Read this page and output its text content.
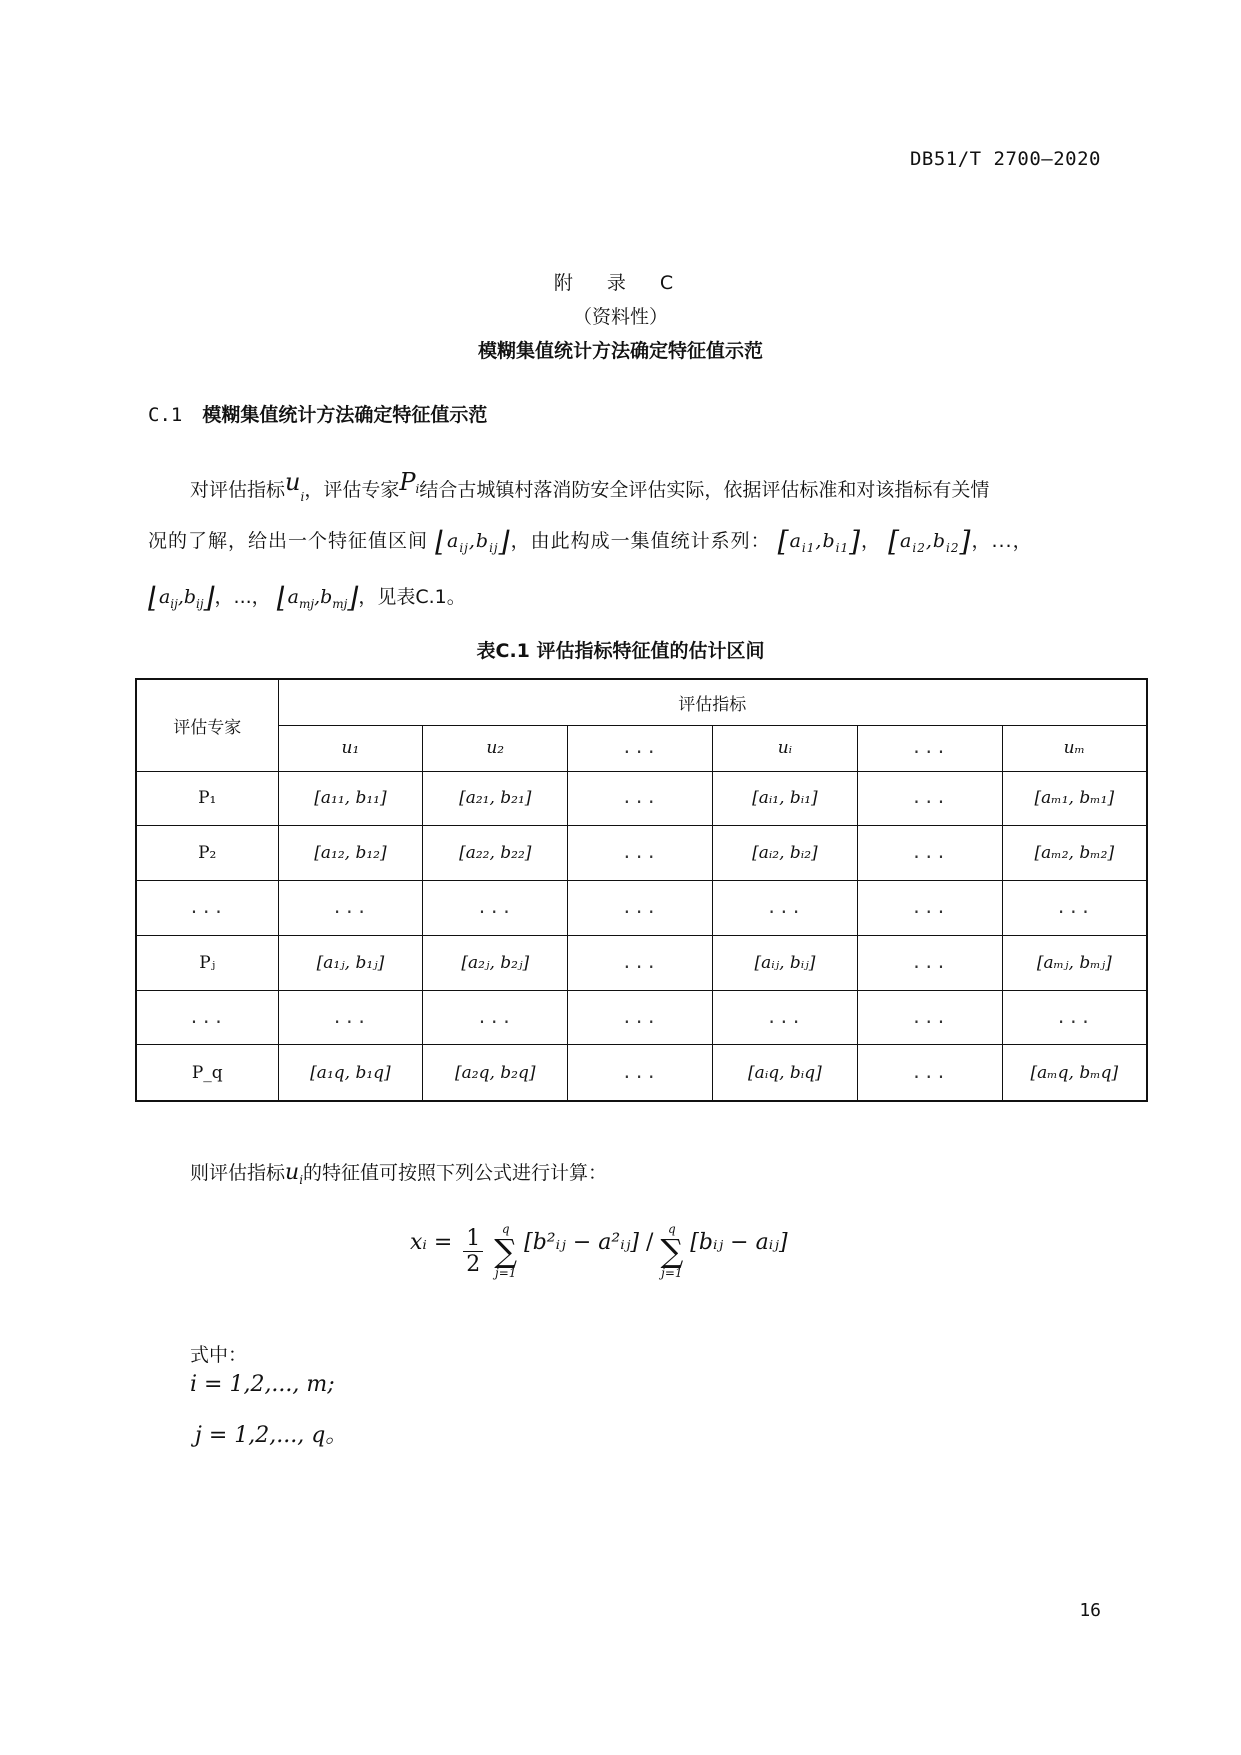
DB51/T 2700—2020
附 录 C
（资料性）
模糊集值统计方法确定特征值示范
C.1 模糊集值统计方法确定特征值示范
对评估指标$u_i$，评估专家$P^i$结合古城镇村落消防安全评估实际，依据评估标准和对该指标有关情
况的了解，给出一个特征值区间 $⌊a_{ij},b_{ij}⌋$，由此构成一集值统计系列： $[a_{i1},b_{i1}]$， $[a_{i2},b_{i2}]$，...，
$⌊a_{ij},b_{ij}⌋$，...， $⌊a_{mj},b_{mj}⌋$，见表C.1。
表C.1 评估指标特征值的估计区间
评估专家	评估指标					
	u₁	u₂	...	uᵢ	...	uₘ
P₁	[a₁₁, b₁₁]	[a₂₁, b₂₁]	...	[aᵢ₁, bᵢ₁]	...	[aₘ₁, bₘ₁]
P₂	[a₁₂, b₁₂]	[a₂₂, b₂₂]	...	[aᵢ₂, bᵢ₂]	...	[aₘ₂, bₘ₂]
...	...	...	...	...	...	...
Pⱼ	[a₁ⱼ, b₁ⱼ]	[a₂ⱼ, b₂ⱼ]	...	[aᵢⱼ, bᵢⱼ]	...	[aₘⱼ, bₘⱼ]
...	...	...	...	...	...	...
P_q	[a₁q, b₁q]	[a₂q, b₂q]	...	[aᵢq, bᵢq]	...	[aₘq, bₘq]
则评估指标$u_i$的特征值可按照下列公式进行计算：
xᵢ = $\frac{1}{2}$
	q
∑
j=1
[b²ᵢⱼ − a²ᵢⱼ] /
q
∑
j=1
[bᵢⱼ − aᵢⱼ]
式中：
i = 1,2,..., m;
j = 1,2,..., q。
16
